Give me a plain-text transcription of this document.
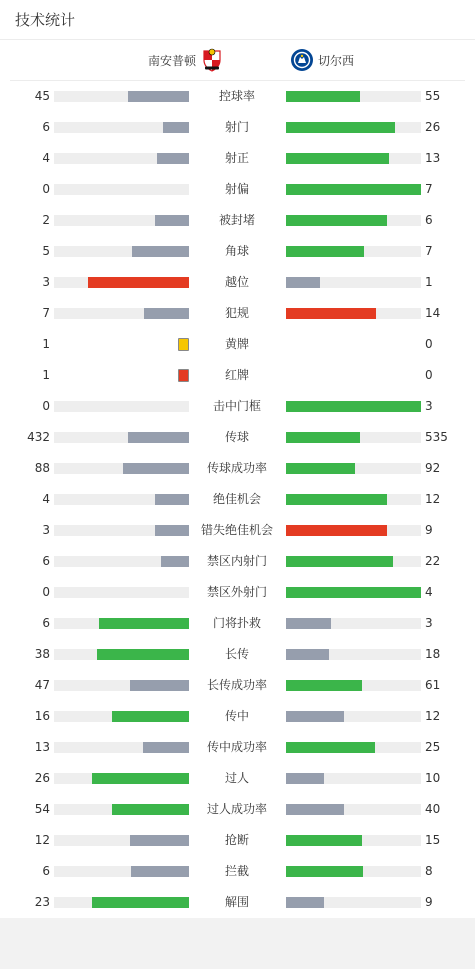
技术统计
南安普顿	切尔西
45	控球率	55
6	射门	26
4	射正	13
0	射偏	7
2	被封堵	6
5	角球	7
3	越位	1
7	犯规	14
1	黄牌	0
1	红牌	0
0	击中门框	3
432	传球	535
88	传球成功率	92
4	绝佳机会	12
3	错失绝佳机会	9
6	禁区内射门	22
0	禁区外射门	4
6	门将扑救	3
38	长传	18
47	长传成功率	61
16	传中	12
13	传中成功率	25
26	过人	10
54	过人成功率	40
12	抢断	15
6	拦截	8
23	解围	9
